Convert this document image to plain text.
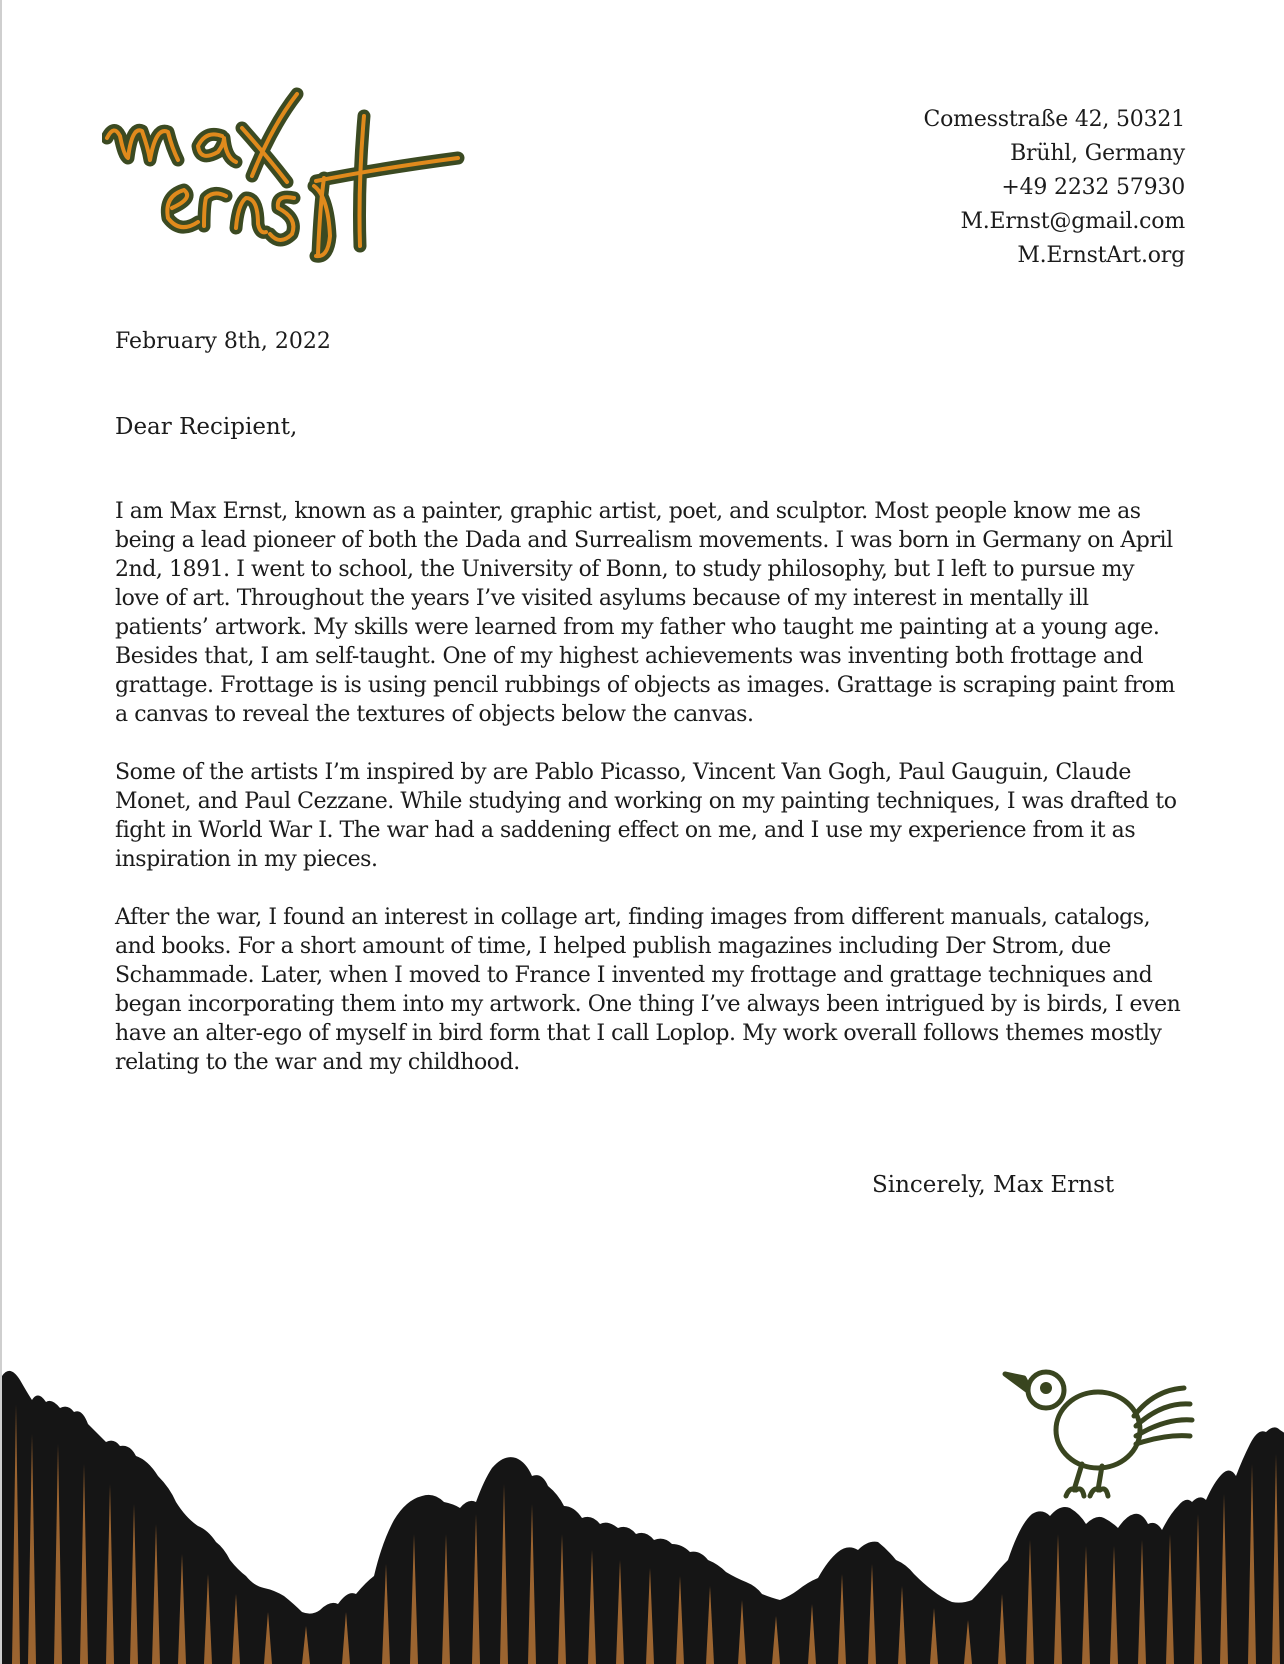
Comesstraße 42, 50321
Brühl, Germany
+49 2232 57930
M.Ernst@gmail.com
M.ErnstArt.org
February 8th, 2022
Dear Recipient,

I am Max Ernst, known as a painter, graphic artist, poet, and sculptor. Most people know me as being a lead pioneer of both the Dada and Surrealism movements. I was born in Germany on April 2nd, 1891. I went to school, the University of Bonn, to study philosophy, but I left to pursue my love of art. Throughout the years I’ve visited asylums because of my interest in mentally ill patients’ artwork. My skills were learned from my father who taught me painting at a young age. Besides that, I am self-taught. One of my highest achievements was inventing both frottage and grattage. Frottage is is using pencil rubbings of objects as images. Grattage is scraping paint from a canvas to reveal the textures of objects below the canvas.

Some of the artists I’m inspired by are Pablo Picasso, Vincent Van Gogh, Paul Gauguin, Claude Monet, and Paul Cezzane. While studying and working on my painting techniques, I was drafted to fight in World War I. The war had a saddening effect on me, and I use my experience from it as inspiration in my pieces.

After the war, I found an interest in collage art, finding images from different manuals, catalogs, and books. For a short amount of time, I helped publish magazines including Der Strom, due Schammade. Later, when I moved to France I invented my frottage and grattage techniques and began incorporating them into my artwork. One thing I’ve always been intrigued by is birds, I even have an alter-ego of myself in bird form that I call Loplop. My work overall follows themes mostly relating to the war and my childhood.

Sincerely, Max Ernst
